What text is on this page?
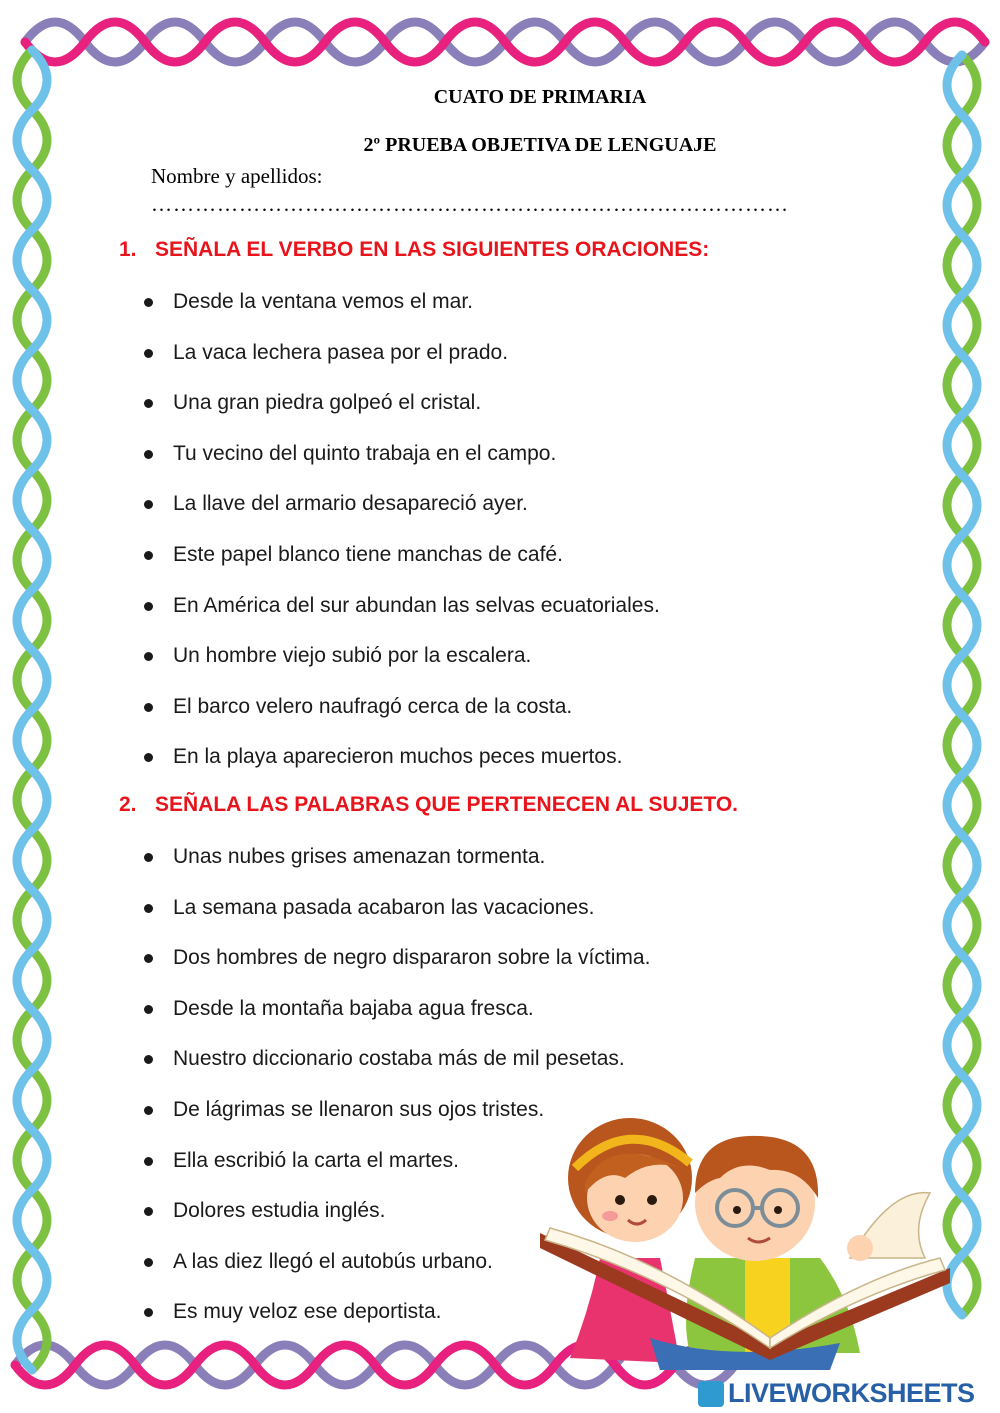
CUATO DE PRIMARIA
2º PRUEBA OBJETIVA DE LENGUAJE
Nombre y apellidos:
……………………………………………………………………………
1. SEÑALA EL VERBO EN LAS SIGUIENTES ORACIONES:
Desde la ventana vemos el mar.
La vaca lechera pasea por el prado.
Una gran piedra golpeó el cristal.
Tu vecino del quinto trabaja en el campo.
La llave del armario desapareció ayer.
Este papel blanco tiene manchas de café.
En América del sur abundan las selvas ecuatoriales.
Un hombre viejo subió por la escalera.
El barco velero naufragó cerca de la costa.
En la playa aparecieron muchos peces muertos.
2. SEÑALA LAS PALABRAS QUE PERTENECEN AL SUJETO.
Unas nubes grises amenazan tormenta.
La semana pasada acabaron las vacaciones.
Dos hombres de negro dispararon sobre la víctima.
Desde la montaña bajaba agua fresca.
Nuestro diccionario costaba más de mil pesetas.
De lágrimas se llenaron sus ojos tristes.
Ella escribió la carta el martes.
Dolores estudia inglés.
A las diez llegó el autobús urbano.
Es muy veloz ese deportista.
LIVEWORKSHEETS
